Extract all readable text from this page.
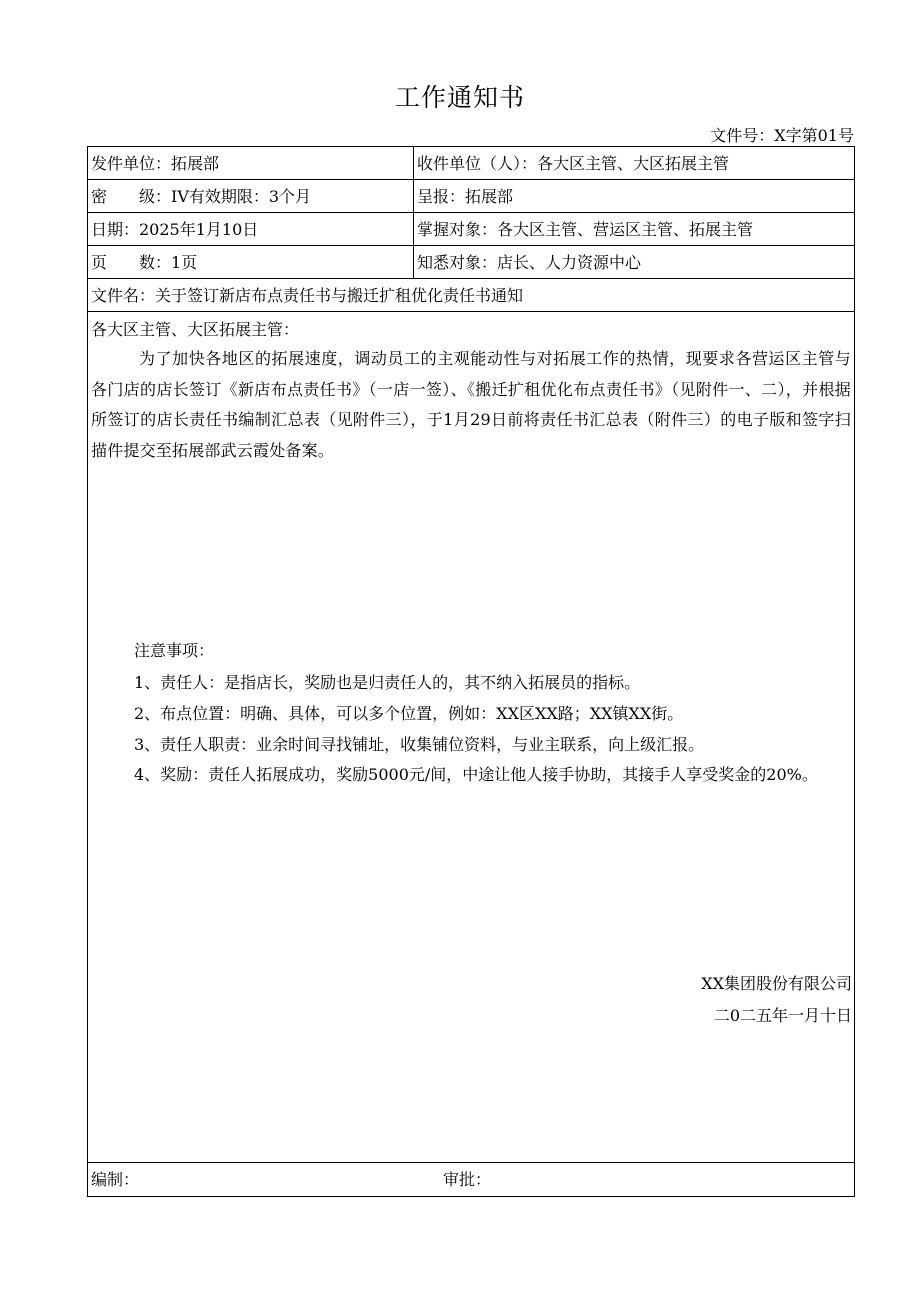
工作通知书
文件号：X字第01号
发件单位：拓展部	收件单位（人）：各大区主管、大区拓展主管
密　　级：IV有效期限：3个月	呈报：拓展部
日期：2025年1月10日	掌握对象：各大区主管、营运区主管、拓展主管
页　　数：1页	知悉对象：店长、人力资源中心
文件名：关于签订新店布点责任书与搬迁扩租优化责任书通知
各大区主管、大区拓展主管：
为了加快各地区的拓展速度，调动员工的主观能动性与对拓展工作的热情，现要求各营运区主管与各门店的店长签订《新店布点责任书》（一店一签）、《搬迁扩租优化布点责任书》（见附件一、二），并根据所签订的店长责任书编制汇总表（见附件三），于1月29日前将责任书汇总表（附件三）的电子版和签字扫描件提交至拓展部武云霞处备案。
注意事项：
1、责任人：是指店长，奖励也是归责任人的，其不纳入拓展员的指标。
2、布点位置：明确、具体，可以多个位置，例如：XX区XX路；XX镇XX街。
3、责任人职责：业余时间寻找铺址，收集铺位资料，与业主联系，向上级汇报。
4、奖励：责任人拓展成功，奖励5000元/间，中途让他人接手协助，其接手人享受奖金的20%。
XX集团股份有限公司
二0二五年一月十日
编制：	审批：
